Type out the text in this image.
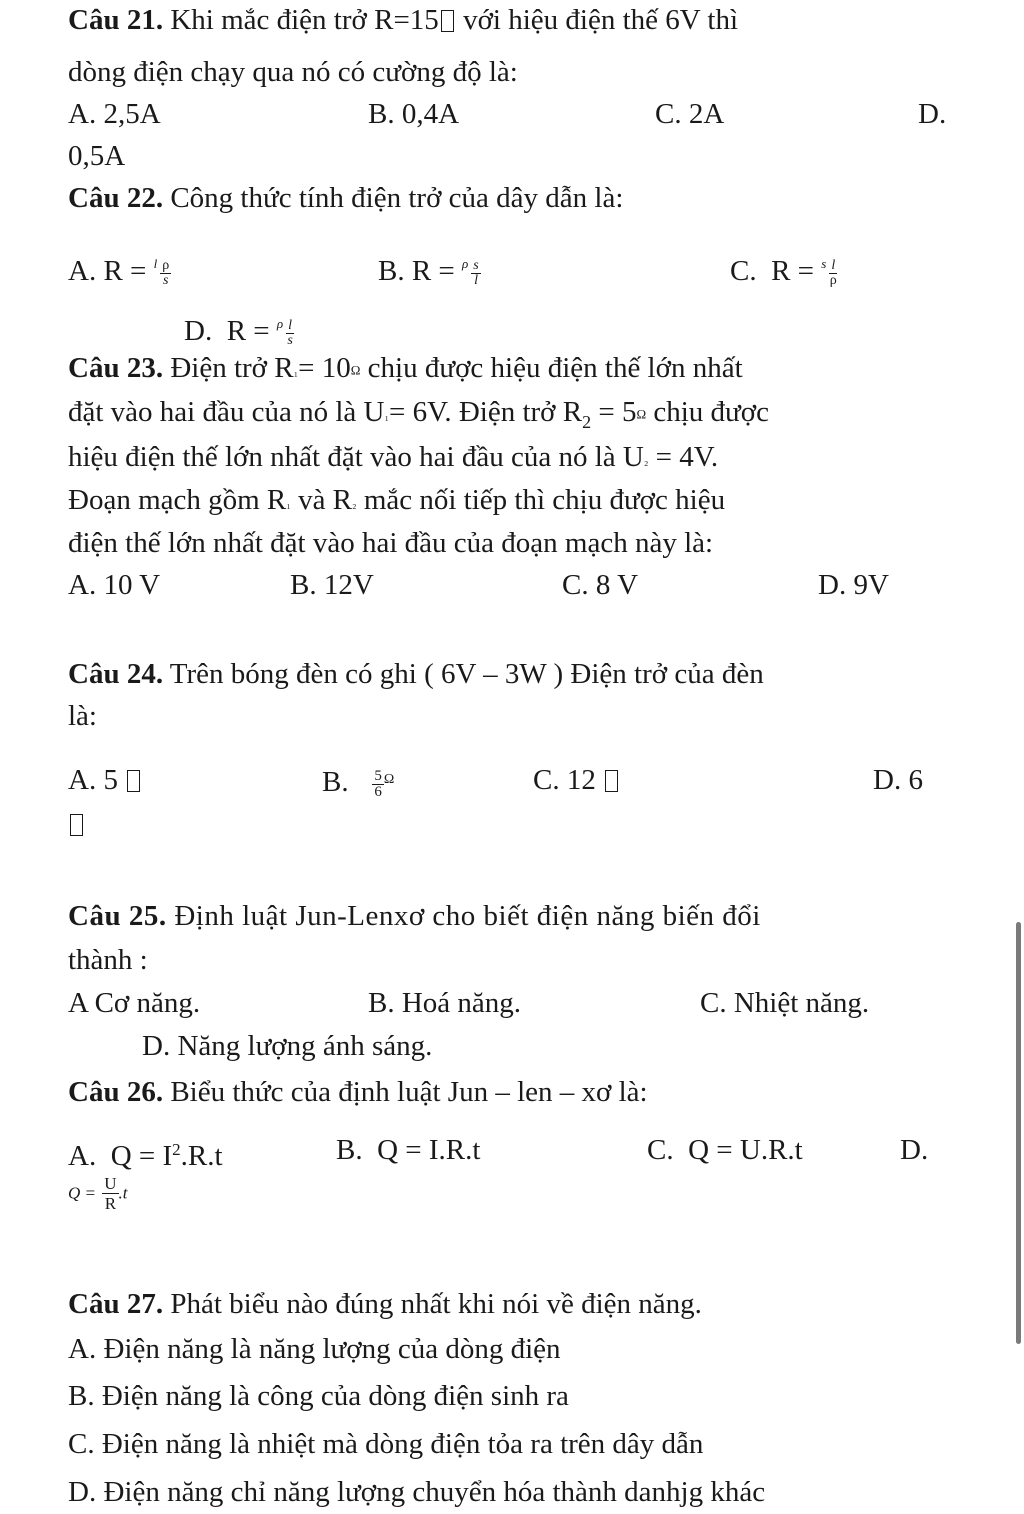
Câu 21. Khi mắc điện trở R=15 với hiệu điện thế 6V thì
dòng điện chạy qua nó có cường độ là:
A. 2,5A	B. 0,4A	C. 2A	D.
0,5A
Câu 22. Công thức tính điện trở của dây dẫn là:
A. $R = ^l \frac{\rho}{s}$	B. $R = ^\rho \frac{s}{l}$	C. $R = ^s \frac{l}{\rho}$
D. $R = ^\rho \frac{l}{s}$
Câu 23. Điện trở R₁= 10Ω chịu được hiệu điện thế lớn nhất
đặt vào hai đầu của nó là U₁= 6V. Điện trở $R_2 = 5\Omega$ chịu được
hiệu điện thế lớn nhất đặt vào hai đầu của nó là U₂ = 4V.
Đoạn mạch gồm R₁ và R₂ mắc nối tiếp thì chịu được hiệu
điện thế lớn nhất đặt vào hai đầu của đoạn mạch này là:
A. 10 V	B. 12V	C. 8 V	D. 9V
Câu 24. Trên bóng đèn có ghi ( 6V – 3W ) Điện trở của đèn
là:
A. 5	B. $\frac{5}{6} ^\Omega$	C. 12	D. 6
Câu 25. Định luật Jun-Lenxơ cho biết điện năng biến đổi
thành :
A Cơ năng.	B. Hoá năng.	C. Nhiệt năng.
D. Năng lượng ánh sáng.
Câu 26. Biểu thức của định luật Jun – len – xơ là:
A. $Q = I^2.R.t$	B. Q = I.R.t	C. Q = U.R.t	D.
$Q = \frac{U}{R} .t$
Câu 27. Phát biểu nào đúng nhất khi nói về điện năng.
A. Điện năng là năng lượng của dòng điện
B. Điện năng là công của dòng điện sinh ra
C. Điện năng là nhiệt mà dòng điện tỏa ra trên dây dẫn
D. Điện năng chỉ năng lượng chuyển hóa thành danhjg khác
